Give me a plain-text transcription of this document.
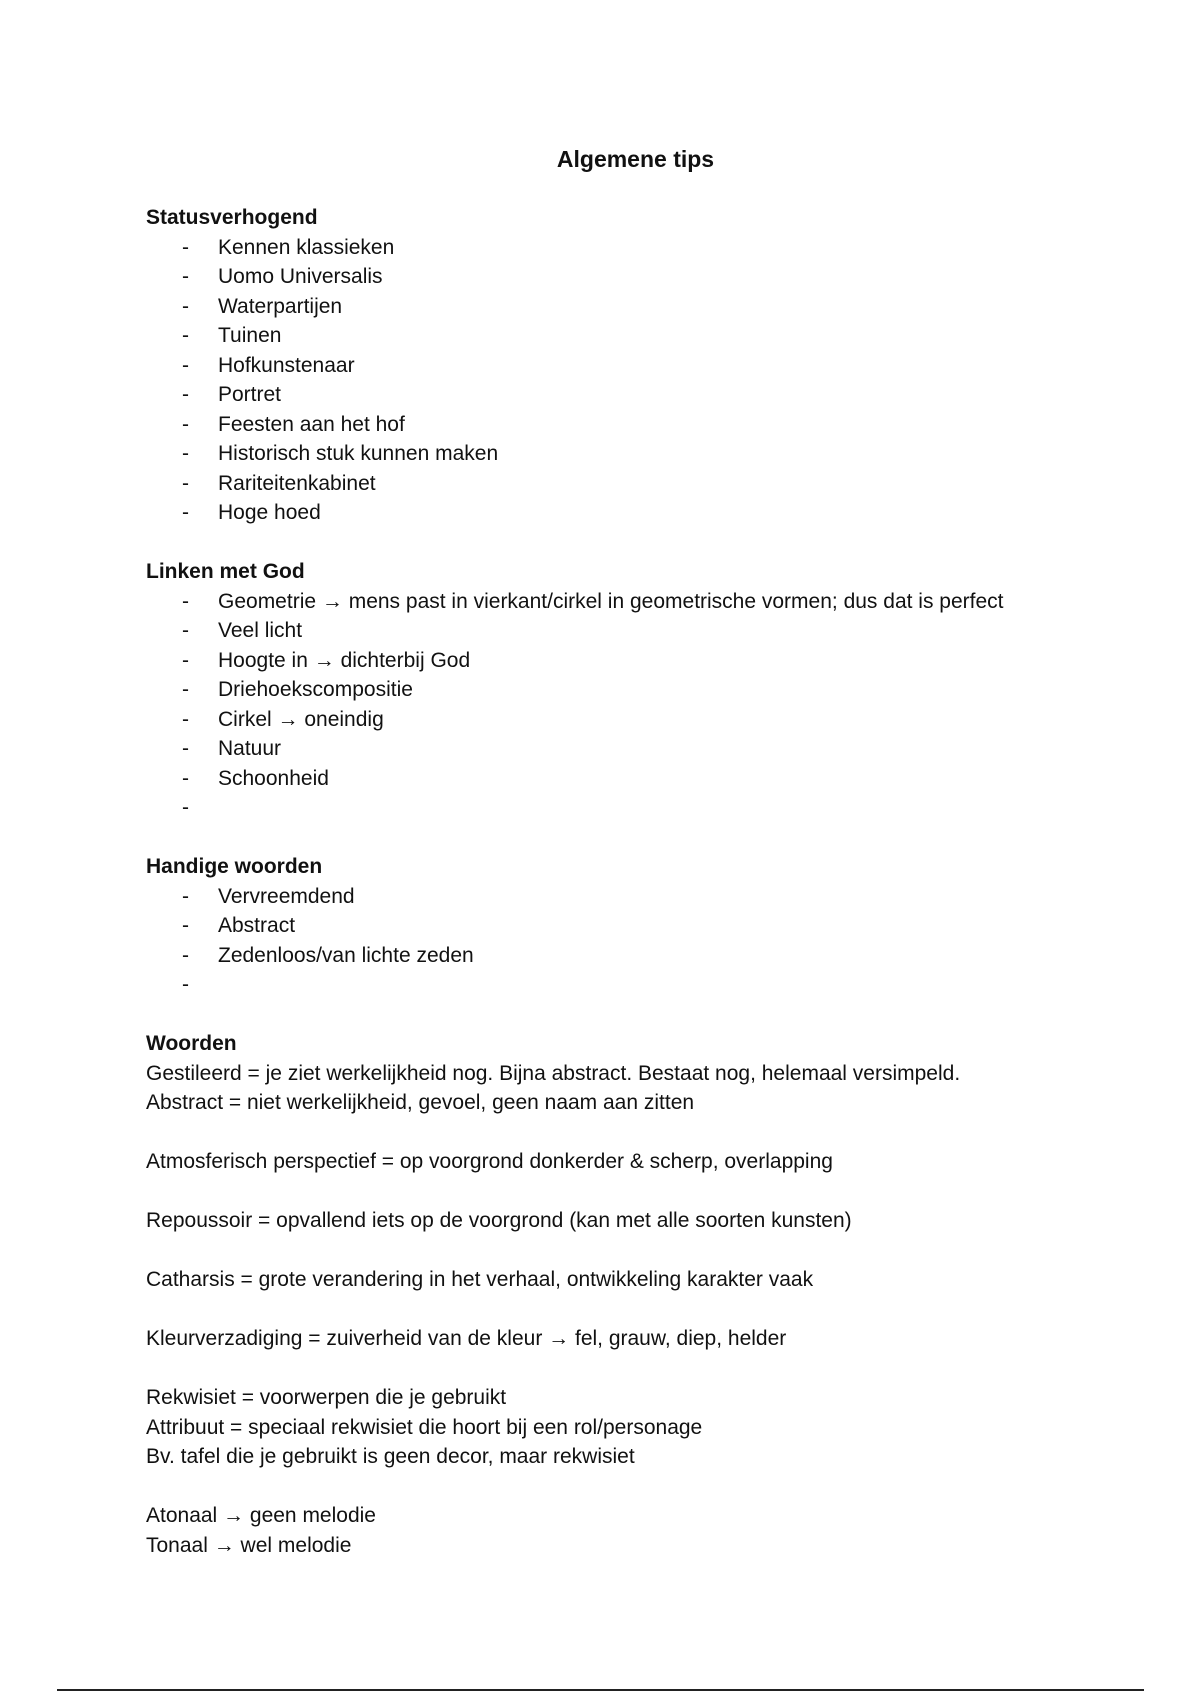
Algemene tips

Statusverhogend

- Kennen klassieken
- Uomo Universalis
- Waterpartijen
- Tuinen
- Hofkunstenaar
- Portret
- Feesten aan het hof
- Historisch stuk kunnen maken
- Rariteitenkabinet
- Hoge hoed

Linken met God

- Geometrie → mens past in vierkant/cirkel in geometrische vormen; dus dat is perfect
- Veel licht
- Hoogte in → dichterbij God
- Driehoekscompositie
- Cirkel → oneindig
- Natuur
- Schoonheid
-

Handige woorden

- Vervreemdend
- Abstract
- Zedenloos/van lichte zeden
-

Woorden

Gestileerd = je ziet werkelijkheid nog. Bijna abstract. Bestaat nog, helemaal versimpeld.

Abstract = niet werkelijkheid, gevoel, geen naam aan zitten

Atmosferisch perspectief = op voorgrond donkerder & scherp, overlapping

Repoussoir = opvallend iets op de voorgrond (kan met alle soorten kunsten)

Catharsis = grote verandering in het verhaal, ontwikkeling karakter vaak

Kleurverzadiging = zuiverheid van de kleur → fel, grauw, diep, helder

Rekwisiet = voorwerpen die je gebruikt

Attribuut = speciaal rekwisiet die hoort bij een rol/personage

Bv. tafel die je gebruikt is geen decor, maar rekwisiet

Atonaal → geen melodie

Tonaal → wel melodie
